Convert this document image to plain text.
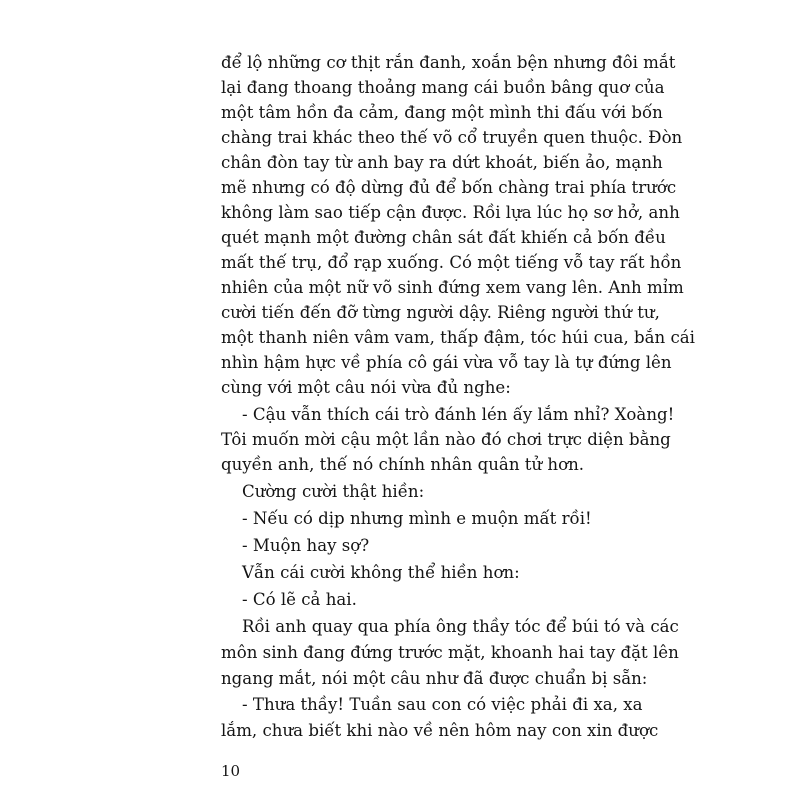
để lộ những cơ thịt rắn đanh, xoắn bện nhưng đôi mắt

lại đang thoang thoảng mang cái buồn bâng quơ của

một tâm hồn đa cảm, đang một mình thi đấu với bốn

chàng trai khác theo thế võ cổ truyền quen thuộc. Đòn

chân đòn tay từ anh bay ra dứt khoát, biến ảo, mạnh

mẽ nhưng có độ dừng đủ để bốn chàng trai phía trước

không làm sao tiếp cận được. Rồi lựa lúc họ sơ hở, anh

quét mạnh một đường chân sát đất khiến cả bốn đều

mất thế trụ, đổ rạp xuống. Có một tiếng vỗ tay rất hồn

nhiên của một nữ võ sinh đứng xem vang lên. Anh mỉm

cười tiến đến đỡ từng người dậy. Riêng người thứ tư,

một thanh niên vâm vam, thấp đậm, tóc húi cua, bắn cái

nhìn hậm hực về phía cô gái vừa vỗ tay là tự đứng lên

cùng với một câu nói vừa đủ nghe:

- Cậu vẫn thích cái trò đánh lén ấy lắm nhỉ? Xoàng!

Tôi muốn mời cậu một lần nào đó chơi trực diện bằng

quyền anh, thế nó chính nhân quân tử hơn.

Cường cười thật hiền:

- Nếu có dịp nhưng mình e muộn mất rồi!

- Muộn hay sợ?

Vẫn cái cười không thể hiền hơn:

- Có lẽ cả hai.

Rồi anh quay qua phía ông thầy tóc để búi tó và các

môn sinh đang đứng trước mặt, khoanh hai tay đặt lên

ngang mắt, nói một câu như đã được chuẩn bị sẵn:

- Thưa thầy! Tuần sau con có việc phải đi xa, xa

lắm, chưa biết khi nào về nên hôm nay con xin được

10
